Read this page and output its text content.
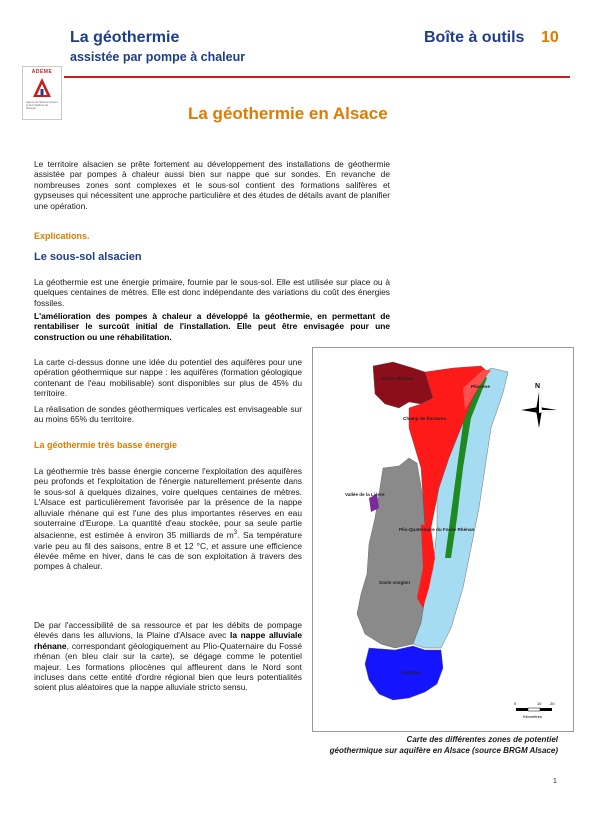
La géothermie
assistée par pompe à chaleur
Boîte à outils 10
ADEME
Agence de l'Environnement et de la Maîtrise de l'Énergie	La géothermie en Alsace
Le territoire alsacien se prête fortement au développement des installations de géothermie assistée par pompes à chaleur aussi bien sur nappe que sur sondes. En revanche de nombreuses zones sont complexes et le sous-sol contient des formations salifères et gypseuses qui nécessitent une approche particulière et des études de détails avant de planifier une opération.
Explications.
Le sous-sol alsacien
La géothermie est une énergie primaire, fournie par le sous-sol. Elle est utilisée sur place ou à quelques centaines de mètres. Elle est donc indépendante des variations du coût des énergies fossiles.
L'amélioration des pompes à chaleur a développé la géothermie, en permettant de rentabiliser le surcoût initial de l'installation. Elle peut être envisagée pour une construction ou une réhabilitation.
La carte ci-dessus donne une idée du potentiel des aquifères pour une opération géothermique sur nappe : les aquifères (formation géologique contenant de l'eau mobilisable) sont disponibles sur plus de 45% du territoire.
La réalisation de sondes géothermiques verticales est envisageable sur au moins 65% du territoire.
La géothermie très basse énergie
La géothermie très basse énergie concerne l'exploitation des aquifères peu profonds et l'exploitation de l'énergie naturellement présente dans le sous-sol à quelques dizaines, voire quelques centaines de mètres. L'Alsace est particulièrement favorisée par la présence de la nappe alluviale rhénane qui est l'une des plus importantes réserves en eau souterraine d'Europe. La quantité d'eau stockée, pour sa seule partie alsacienne, est estimée à environ 35 milliards de $m^3$. Sa température varie peu au fil des saisons, entre 8 et 12 °C, et assure une efficience élevée même en hiver, dans le cas de son exploitation à travers des pompes à chaleur.
De par l'accessibilité de sa ressource et par les débits de pompage élevés dans les alluvions, la Plaine d'Alsace avec la nappe alluviale rhénane, correspondant géologiquement au Plio-Quaternaire du Fossé rhénan (en bleu clair sur la carte), se dégage comme le potentiel majeur. Les formations pliocènes qui affleurent dans le Nord sont incluses dans cette entité d'ordre régional bien que leurs potentialités soient plus aléatoires que la nappe alluviale stricto sensu.
Alsace Bossue
Pliocène
Champ de fractures
Vallée de la Lièvre
Plio-Quaternaire du Fossé Rhénan
Socle vosgien
Sundgau
N
0	10 20
Kilomètres
Carte des différentes zones de potentiel
géothermique sur aquifère en Alsace (source BRGM Alsace)
1
